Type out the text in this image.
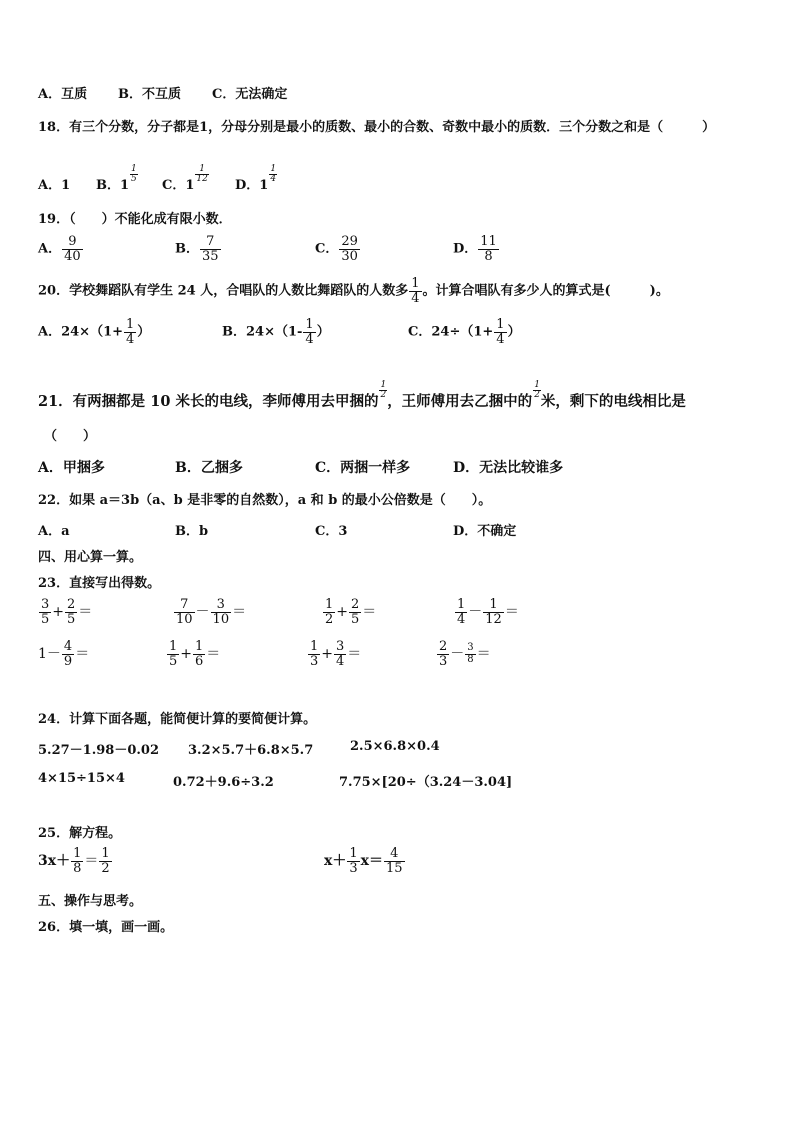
A．互质 B．不互质 C．无法确定
18．有三个分数，分子都是1，分母分别是最小的质数、最小的合数、奇数中最小的质数．三个分数之和是（　　　）
A．1 B．1
$\frac{1}{5}$
C．1
$\frac{1}{12}$
D．1
$\frac{1}{4}$
19．（　　）不能化成有限小数．
A． $\frac{9}{40}$	B． $\frac{7}{35}$	C． $\frac{29}{30}$	D． $\frac{11}{8}$
20．学校舞蹈队有学生 24 人，合唱队的人数比舞蹈队的人数多 $\frac{1}{4}$ 。计算合唱队有多少人的算式是(　　　)。
A．$24\times(1+ \frac{1}{4}$ ）	B．$24\times(1- \frac{1}{4}$ ）	C．$24\div(1+ \frac{1}{4}$ ）
21．有两捆都是 10 米长的电线，李师傅用去甲捆的
$\frac{1}{2}$
，王师傅用去乙捆中的
$\frac{1}{2}$
米，剩下的电线相比是
（　　）
A．甲捆多	B．乙捆多	C．两捆一样多	D．无法比较谁多
22．如果 a＝3b（a、b 是非零的自然数），a 和 b 的最小公倍数是（　　）。
A．a	B．b	C．3	D．不确定
四、用心算一算。
23．直接写出得数。
$\frac{3}{5} + \frac{2}{5}$ ＝	$\frac{7}{10} - \frac{3}{10}$ ＝	$\frac{1}{2} + \frac{2}{5}$ ＝	$\frac{1}{4} - \frac{1}{12}$ ＝
$1- \frac{4}{9}$ ＝	$\frac{1}{5} + \frac{1}{6}$ ＝	$\frac{1}{3} + \frac{3}{4}$ ＝	$\frac{2}{3} - \frac{3}{8}$ ＝
24．计算下面各题，能简便计算的要简便计算。
5.27－1.98－0.02 3.2×5.7＋6.8×5.7	2.5×6.8×0.4
4×15÷15×4	0.72＋9.6÷3.2	7.75×[20÷（3.24－3.04]
25．解方程。
$3x+ \frac{1}{8} = \frac{1}{2}$	$x+ \frac{1}{3} x= \frac{4}{15}$
五、操作与思考。
26．填一填，画一画。
